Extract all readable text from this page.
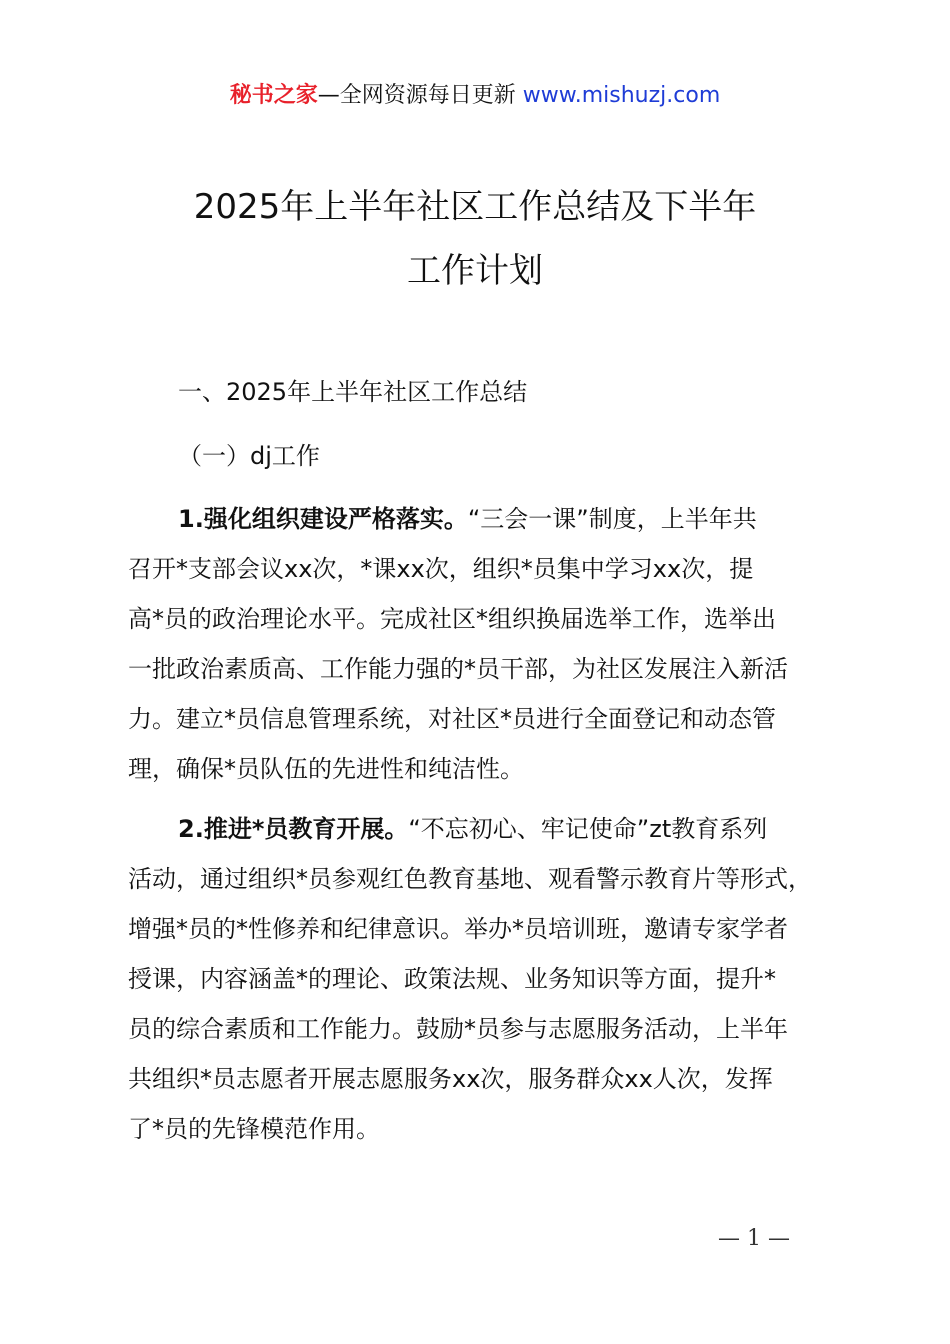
秘书之家—全网资源每日更新 www.mishuzj.com
2025年上半年社区工作总结及下半年
工作计划
一、2025年上半年社区工作总结
（一）dj工作
1.强化组织建设严格落实。“三会一课”制度，上半年共
召开*支部会议xx次，*课xx次，组织*员集中学习xx次，提
高*员的政治理论水平。完成社区*组织换届选举工作，选举出
一批政治素质高、工作能力强的*员干部，为社区发展注入新活
力。建立*员信息管理系统，对社区*员进行全面登记和动态管
理，确保*员队伍的先进性和纯洁性。
2.推进*员教育开展。“不忘初心、牢记使命”zt教育系列
活动，通过组织*员参观红色教育基地、观看警示教育片等形式，
增强*员的*性修养和纪律意识。举办*员培训班，邀请专家学者
授课，内容涵盖*的理论、政策法规、业务知识等方面，提升*
员的综合素质和工作能力。鼓励*员参与志愿服务活动，上半年
共组织*员志愿者开展志愿服务xx次，服务群众xx人次，发挥
了*员的先锋模范作用。
— 1 —
